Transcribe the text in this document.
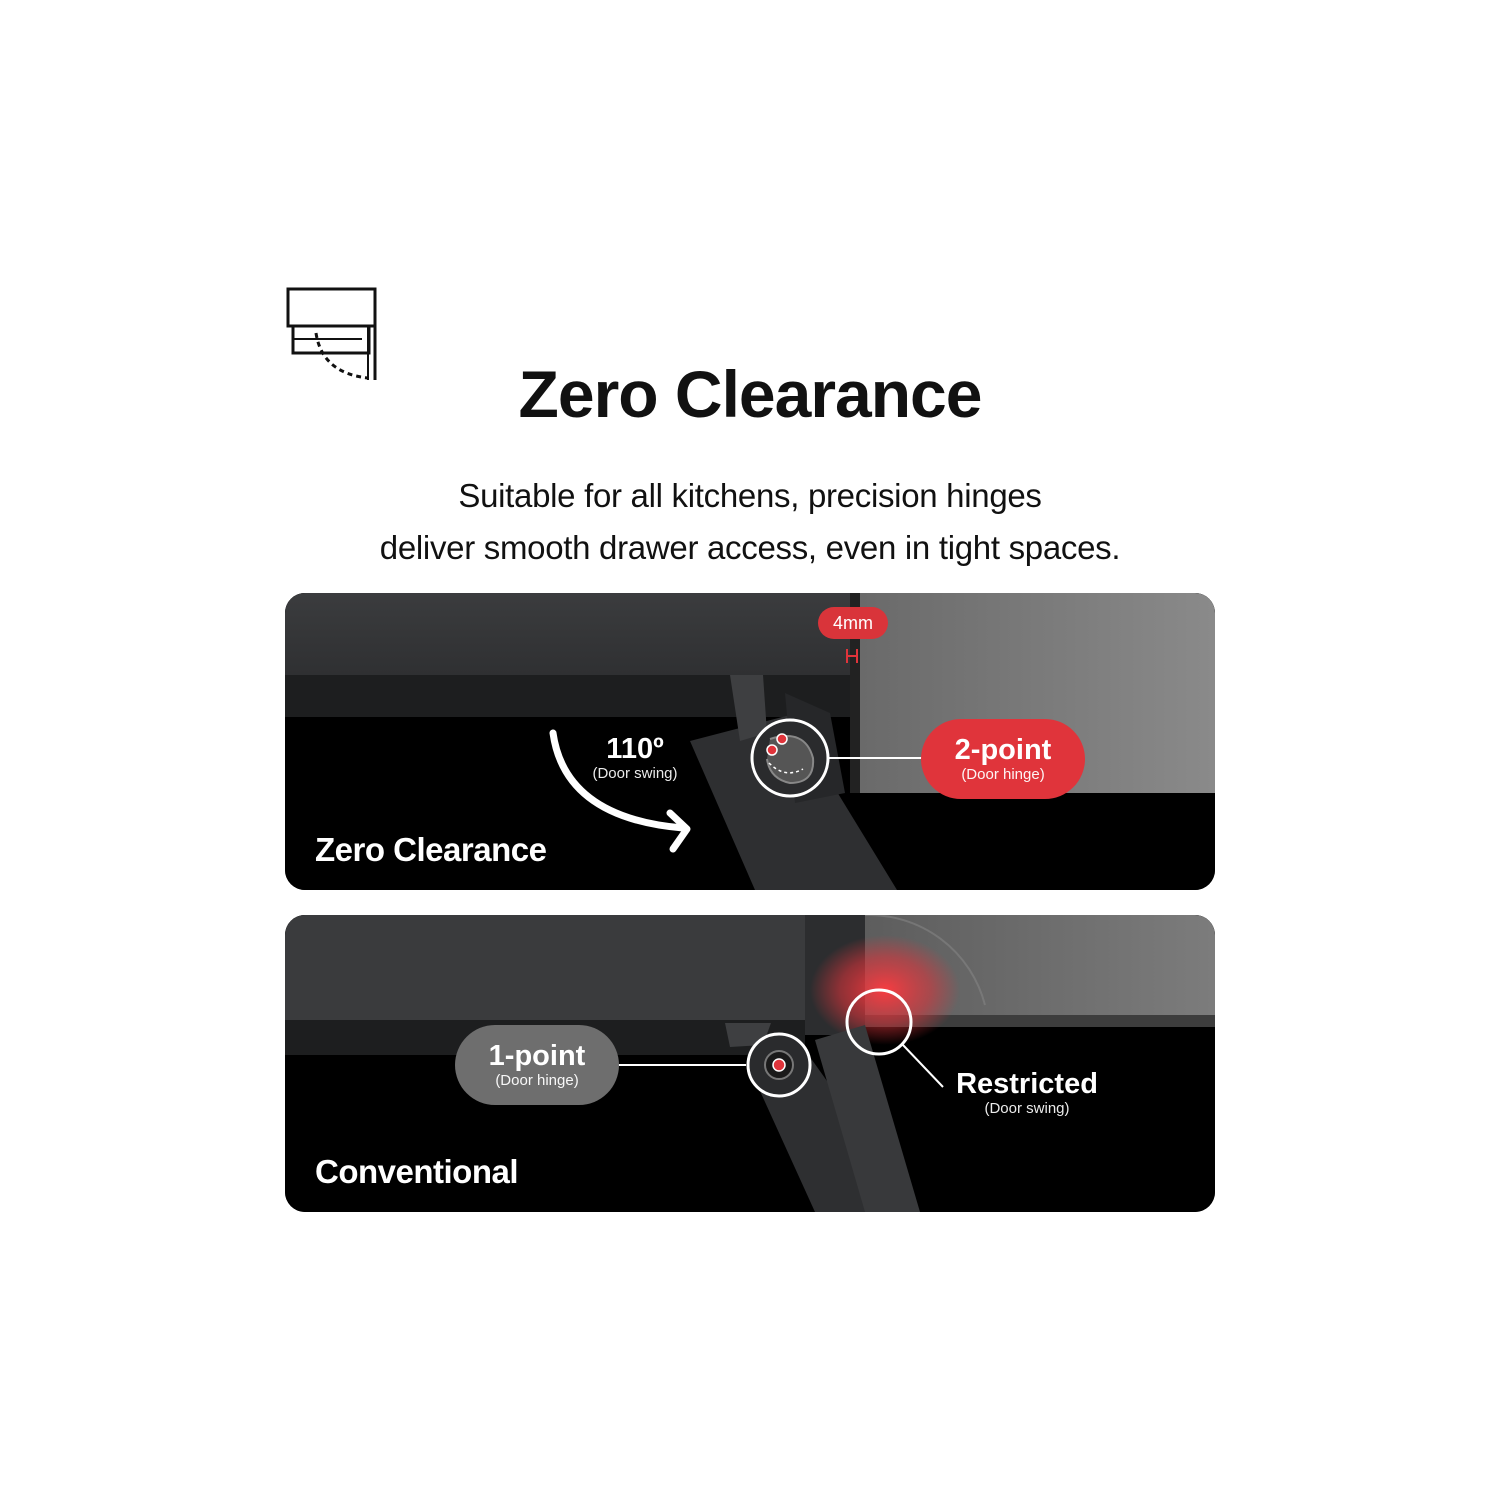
Zero Clearance
Suitable for all kitchens, precision hinges
deliver smooth drawer access, even in tight spaces.
4mm
110º
(Door swing)
2-point
(Door hinge)
Zero Clearance
1-point
(Door hinge)	Restricted
(Door swing)
Conventional
